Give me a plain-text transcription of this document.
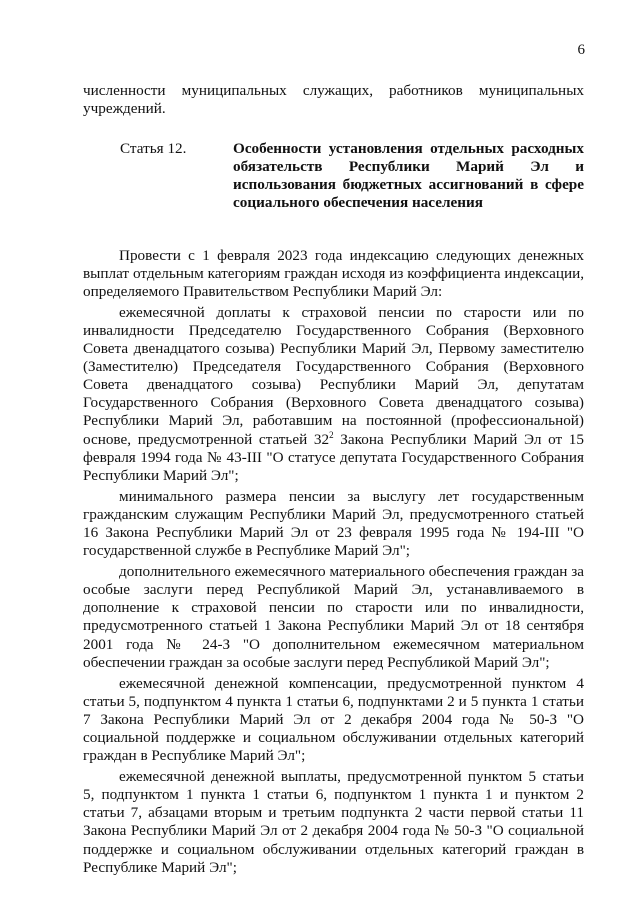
6

численности муниципальных служащих, работников муниципальных учреждений.

Статья 12.	Особенности установления отдельных расходных обязательств Республики Марий Эл и использования бюджетных ассигнований в сфере социального обеспечения населения

Провести с 1 февраля 2023 года индексацию следующих денежных выплат отдельным категориям граждан исходя из коэффициента индексации, определяемого Правительством Республики Марий Эл:

ежемесячной доплаты к страховой пенсии по старости или по инвалидности Председателю Государственного Собрания (Верховного Совета двенадцатого созыва) Республики Марий Эл, Первому заместителю (Заместителю) Председателя Государственного Собрания (Верховного Совета двенадцатого созыва) Республики Марий Эл, депутатам Государственного Собрания (Верховного Совета двенадцатого созыва) Республики Марий Эл, работавшим на постоянной (профессиональной) основе, предусмотренной статьей $32^2$ Закона Республики Марий Эл от 15 февраля 1994 года № 43-III "О статусе депутата Государственного Собрания Республики Марий Эл";

минимального размера пенсии за выслугу лет государственным гражданским служащим Республики Марий Эл, предусмотренного статьей 16 Закона Республики Марий Эл от 23 февраля 1995 года № 194-III "О государственной службе в Республике Марий Эл";

дополнительного ежемесячного материального обеспечения граждан за особые заслуги перед Республикой Марий Эл, устанавливаемого в дополнение к страховой пенсии по старости или по инвалидности, предусмотренного статьей 1 Закона Республики Марий Эл от 18 сентября 2001 года № 24-З "О дополнительном ежемесячном материальном обеспечении граждан за особые заслуги перед Республикой Марий Эл";

ежемесячной денежной компенсации, предусмотренной пунктом 4 статьи 5, подпунктом 4 пункта 1 статьи 6, подпунктами 2 и 5 пункта 1 статьи 7 Закона Республики Марий Эл от 2 декабря 2004 года № 50-З "О социальной поддержке и социальном обслуживании отдельных категорий граждан в Республике Марий Эл";

ежемесячной денежной выплаты, предусмотренной пунктом 5 статьи 5, подпунктом 1 пункта 1 статьи 6, подпунктом 1 пункта 1 и пунктом 2 статьи 7, абзацами вторым и третьим подпункта 2 части первой статьи 11 Закона Республики Марий Эл от 2 декабря 2004 года № 50-З "О социальной поддержке и социальном обслуживании отдельных категорий граждан в Республике Марий Эл";
